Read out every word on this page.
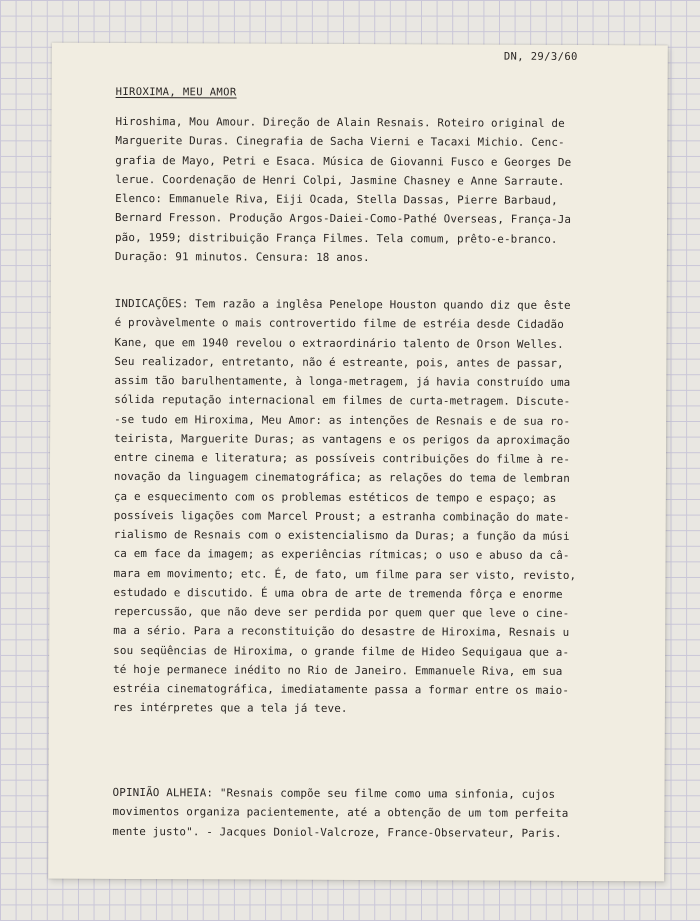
DN, 29/3/60
HIROXIMA, MEU AMOR
Hiroshima, Mou Amour. Direção de Alain Resnais. Roteiro original de
Marguerite Duras. Cinegrafia de Sacha Vierni e Tacaxi Michio. Cenc-
grafia de Mayo, Petri e Esaca. Música de Giovanni Fusco e Georges De
lerue. Coordenação de Henri Colpi, Jasmine Chasney e Anne Sarraute.
Elenco: Emmanuele Riva, Eiji Ocada, Stella Dassas, Pierre Barbaud,
Bernard Fresson. Produção Argos-Daiei-Como-Pathé Overseas, França-Ja
pão, 1959; distribuição França Filmes. Tela comum, prêto-e-branco.
Duração: 91 minutos. Censura: 18 anos.
INDICAÇÕES: Tem razão a inglêsa Penelope Houston quando diz que êste
é provàvelmente o mais controvertido filme de estréia desde Cidadão
Kane, que em 1940 revelou o extraordinário talento de Orson Welles.
Seu realizador, entretanto, não é estreante, pois, antes de passar,
assim tão barulhentamente, à longa-metragem, já havia construído uma
sólida reputação internacional em filmes de curta-metragem. Discute-
-se tudo em Hiroxima, Meu Amor: as intenções de Resnais e de sua ro-
teirista, Marguerite Duras; as vantagens e os perigos da aproximação
entre cinema e literatura; as possíveis contribuições do filme à re-
novação da linguagem cinematográfica; as relações do tema de lembran
ça e esquecimento com os problemas estéticos de tempo e espaço; as
possíveis ligações com Marcel Proust; a estranha combinação do mate-
rialismo de Resnais com o existencialismo da Duras; a função da músi
ca em face da imagem; as experiências rítmicas; o uso e abuso da câ-
mara em movimento; etc. É, de fato, um filme para ser visto, revisto,
estudado e discutido. É uma obra de arte de tremenda fôrça e enorme
repercussão, que não deve ser perdida por quem quer que leve o cine-
ma a sério. Para a reconstituição do desastre de Hiroxima, Resnais u
sou seqüências de Hiroxima, o grande filme de Hideo Sequigaua que a-
té hoje permanece inédito no Rio de Janeiro. Emmanuele Riva, em sua
estréia cinematográfica, imediatamente passa a formar entre os maio-
res intérpretes que a tela já teve.
OPINIÃO ALHEIA: "Resnais compõe seu filme como uma sinfonia, cujos
movimentos organiza pacientemente, até a obtenção de um tom perfeita
mente justo". - Jacques Doniol-Valcroze, France-Observateur, Paris.
